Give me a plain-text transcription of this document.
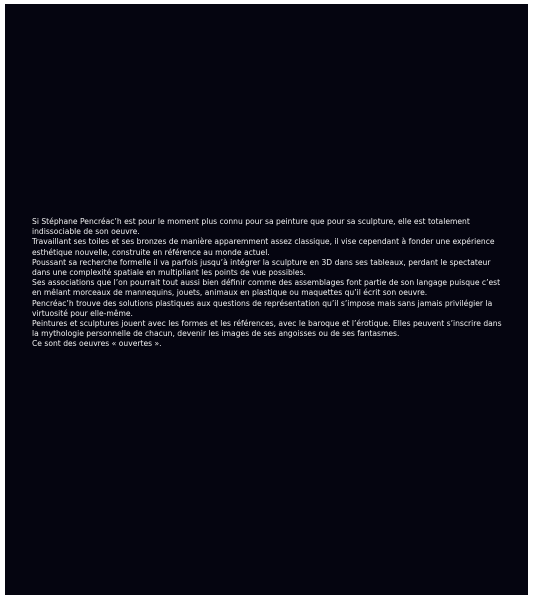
Si Stéphane Pencréac’h est pour le moment plus connu pour sa peinture que pour sa sculpture, elle est totalement indissociable de son oeuvre.

Travaillant ses toiles et ses bronzes de manière apparemment assez classique, il vise cependant à fonder une expérience esthétique nouvelle, construite en référence au monde actuel.

Poussant sa recherche formelle il va parfois jusqu’à intégrer la sculpture en 3D dans ses tableaux, perdant le spectateur dans une complexité spatiale en multipliant les points de vue possibles.

Ses associations que l’on pourrait tout aussi bien définir comme des assemblages font partie de son langage puisque c’est en mêlant morceaux de mannequins, jouets, animaux en plastique ou maquettes qu’il écrit son oeuvre.

Pencréac’h trouve des solutions plastiques aux questions de représentation qu’il s’impose mais sans jamais privilégier la virtuosité pour elle-même.

Peintures et sculptures jouent avec les formes et les références, avec le baroque et l’érotique. Elles peuvent s’inscrire dans la mythologie personnelle de chacun, devenir les images de ses angoisses ou de ses fantasmes.

Ce sont des oeuvres « ouvertes ».
